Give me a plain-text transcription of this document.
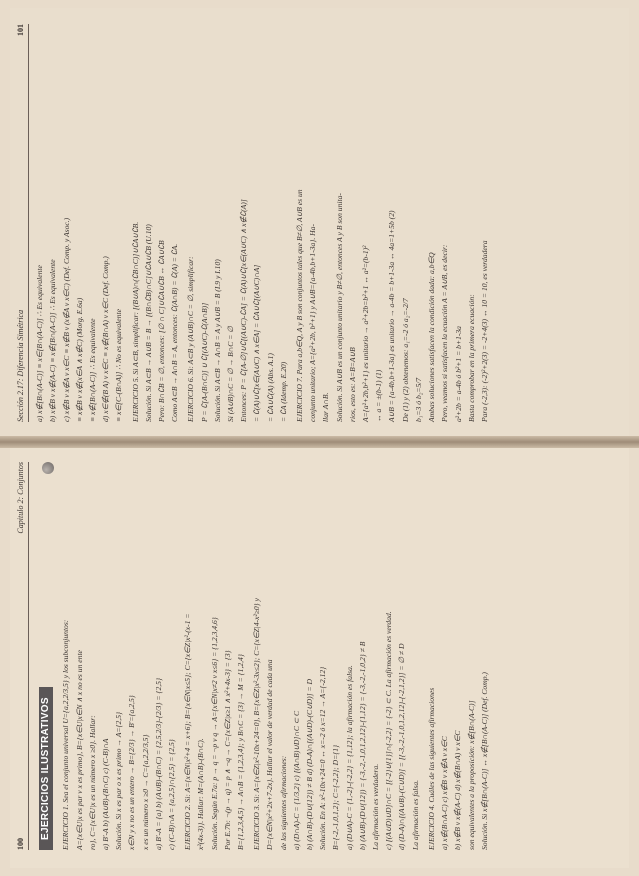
100
Capitulo 2: Conjuntos
EJERCICIOS ILUSTRATIVOS EJERCICIO 1. Sea el conjunto universal U={a,2,2/3,5} y los subconjuntos: A={x∈U|x es par v x es primo}, B={x∈U|x∈N ∧ x no es un ente ro}, C={x∈U|x es un número x ≥0}. Hallar: a) B'-A b) (A∪B)-(B∩C) c) (C-B)∩A Solución. Si x es par o x es primo → A={2,5} x∈N y x no es un entero → B={2/3} → B'={a,2,5} x es un número x ≥0 → C={a,2,2/3,5} a) B'-A = {a} b) (A∪B)-(B∩C) = {2,5,2/3}-{2/3} = {2,5} c) (C-B)∩A = {a,2,5}∩{2,5} = {2,5} EJERCICIO 2. Si: A={x∈N|x²+4 = x+6}; B={x∈N|x≤5}; C={x∈Z|x²-(x-1 = x²(4x-3)}. Hallar: M=(A∩B)-(B∩C). Solución. Según E.7a: p → q = ¬p v q → A={x∈N|x≠2 v x≤6} = {1,2,3,4,6} Por E.7b: ¬(p → q) = p ∧ ¬q → C={x∈Z|x≥1 ∧ x²+4x-3} = {3} B={1,2,3,4,5} → A∩B = {1,2,3,4}; y B∩C = {3} → M = {1,2,4} EJERCICIO 3. Si: A={x∈Z|x²-10x+24=0}, B={x∈Z|x²-3x≤2}; C={x∈Z|4-x²≥0} y D={x∈N|x²+2x+7-2x}. Hallar el valor de verdad de cada una de las siguientes afirmaciones: a) (D∩A)-C = {1/3,2} c) [(A∩B)∪D]∩C ⊂ C b) (A∩B)-(D∪{12}) ≠ B d) (D-A)∩[(A∪D)-(C∪D)] = D Solución. En A: x²-10x+24=0 ↔ x=-2 ó x=12 → A={-2,12} B={-2,-1,0,1,2}; C={-2,2}; D={1} a) (D∪A)-C = {1,-2}-{-2,2} = {1,12}; la afirmación es falsa. b) (A∪B)-(D∪{12}) = {-3,-2,-1,0,1,2,12}-{1,12} = {-3,-2,-1,0,2} ≠ B La afirmación es verdadera. c) [(A∪D)∪D]∩C = [{-2}∪{1}]∩{-2,2} = {-2} ⊂ C. La afirmación es verdad. d) (D-A)∩[(A∪B)-(C∪D)] = [{-3,-2,-1,0,1,2,12}-{-2,1,2}] = ∅ ≠ D La afirmación es falsa. EJERCICIO 4. Cuáles de las siguientes afirmaciones a) x∉(B∩A-C) c) x∉B v x∉A v x∈C b) x∉B v x∉(A-C) d) x∉(B∩A) v x∈C son equivalentes a la proposición: x∉[B∩(A-C)] Solución. Si x∉[B∩(A-C)] ↔ x∉[B∩(A-C)] (Def. Comp.)

Sección 2.17: Diferencia Simétrica
101

a) x∉[B∩(A-C)] ≡ x∈[B∩(A-C)] ∴ Es equivalente b) x∉B v x∉(A-C) ≡ x∉[B∩(A-C)] ∴ Es equivalente c) x∉B v x∉A v x∈C ≡ x∉B v (x∉A v x∈C) (Def. Comp. y Asoc.) ≡ x∉B v x∉(x∈A ∧ x∉C) (Morg. E.6a) ≡ x∉[B∩(A-C)] ∴ Es equivalente d) x∈∉(B A) v x∈C ≡ x∉(B∩A) v x∈C (Def. Comp.) ≡ x∈[C-(B∩A)] ∴ No es equivalente EJERCICIO 5. Si A⊂B, simplificar: [(B∪A)∩(∁B∩C)]∪∁A∪∁B. Solución. Si A⊂B → A∪B = B → [(B∩∁B)∩C]∪∁A∪∁B (U.10) Pero: B∩∁B = ∅, entonces: [∅ ∩ C]∪∁A∪∁B ↔ ∁A∪∁B Como A⊂B → A∩B = A, entonces: ∁(A∩B) = ∁(A) = ∁A. EJERCICIO 6. Si: A⊂B y (A∪B)∩C = ∅, simplificar: P = ∁[A-(B∩C)] ∪ ∁[(A∪C)-∁(A∩B)] Solución. Si A⊂B → A∩B = A y A∪B = B (I.9 y I.10) Si (A∪B)∩C = ∅ → B∩C = ∅ Entonces: P = ∁[A-∅]∪∁[(A∪C)-∁A] = ∁(A)∪∁[x∈(A∪C) ∧ x∉∁(A)] = ∁(A)∪∁[x∈(A∪C) ∧ x∈A] = ∁A∪∁[(A∪C)∩A] = ∁A∪∁(A) (Abs. A.1) = ∁A (Idemp. E.20) EJERCICIO 7. Para a,b∈Q, A y B son conjuntos tales que B≠∅, A∪B es un conjunto unitario; A={a²+2b, b²+1} y A∪B={a-4b,b+1-3a}. Ha- llar A∩B. Solución. Si A∪B es un conjunto unitario y B≠∅, entonces A y B son unita- rios, esto es: A=B=A∪B A={a²+2b,b²+1} es unitario → a²+2b=b²+1 ↔ a²=(b-1)² ↔ a = ±(b-1) (1) A∪B = {a-4b,b+1-3a} es unitario → a-4b = b+1-3a ↔ 4a=1+5b (2) De (1) y (2) obtenemos: a₁=-2 ó a₂=-2/7 b₁=3 ó b₂=5/7 Ambas soluciones satisfacen la condición dada: a,b∈Q Pero, veamos si satisfacen la ecuación A = A∪B, es decir: a²+2b = a-4b ó b²+1 = b+1-3a Basta comprobar en la primera ecuación: Para (-2,3): (-2)²+2(3) = -2+4(3) ↔ 10 = 10, es verdadera
